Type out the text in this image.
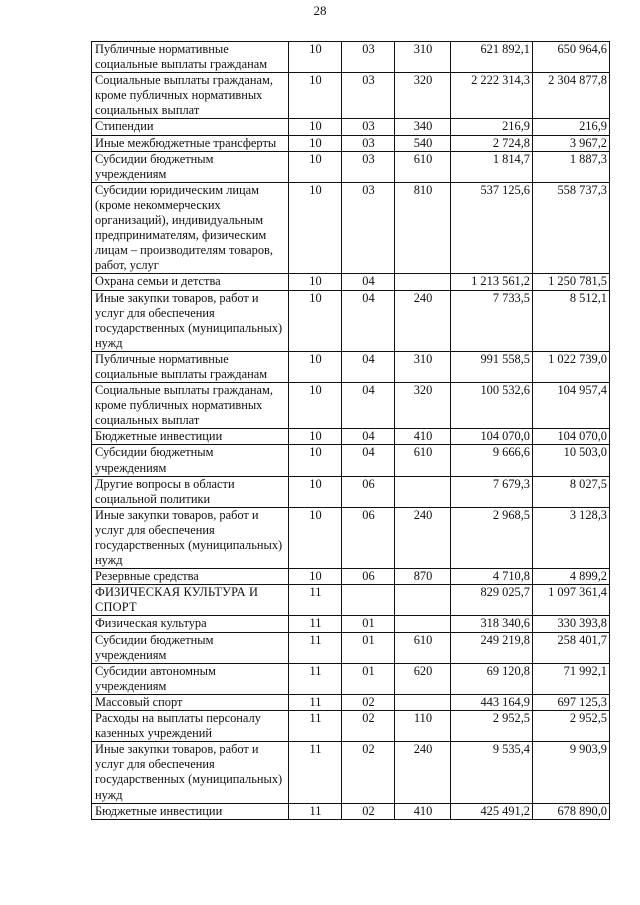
28
Публичные нормативные социальные выплаты гражданам	10	03	310	621 892,1	650 964,6
Социальные выплаты гражданам, кроме публичных нормативных социальных выплат	10	03	320	2 222 314,3	2 304 877,8
Стипендии	10	03	340	216,9	216,9
Иные межбюджетные трансферты	10	03	540	2 724,8	3 967,2
Субсидии бюджетным учреждениям	10	03	610	1 814,7	1 887,3
Субсидии юридическим лицам (кроме некоммерческих организаций), индивидуальным предпринимателям, физическим лицам – производителям товаров, работ, услуг	10	03	810	537 125,6	558 737,3
Охрана семьи и детства	10	04		1 213 561,2	1 250 781,5
Иные закупки товаров, работ и услуг для обеспечения государственных (муниципальных) нужд	10	04	240	7 733,5	8 512,1
Публичные нормативные социальные выплаты гражданам	10	04	310	991 558,5	1 022 739,0
Социальные выплаты гражданам, кроме публичных нормативных социальных выплат	10	04	320	100 532,6	104 957,4
Бюджетные инвестиции	10	04	410	104 070,0	104 070,0
Субсидии бюджетным учреждениям	10	04	610	9 666,6	10 503,0
Другие вопросы в области социальной политики	10	06		7 679,3	8 027,5
Иные закупки товаров, работ и услуг для обеспечения государственных (муниципальных) нужд	10	06	240	2 968,5	3 128,3
Резервные средства	10	06	870	4 710,8	4 899,2
ФИЗИЧЕСКАЯ КУЛЬТУРА И СПОРТ	11			829 025,7	1 097 361,4
Физическая культура	11	01		318 340,6	330 393,8
Субсидии бюджетным учреждениям	11	01	610	249 219,8	258 401,7
Субсидии автономным учреждениям	11	01	620	69 120,8	71 992,1
Массовый спорт	11	02		443 164,9	697 125,3
Расходы на выплаты персоналу казенных учреждений	11	02	110	2 952,5	2 952,5
Иные закупки товаров, работ и услуг для обеспечения государственных (муниципальных) нужд	11	02	240	9 535,4	9 903,9
Бюджетные инвестиции	11	02	410	425 491,2	678 890,0
